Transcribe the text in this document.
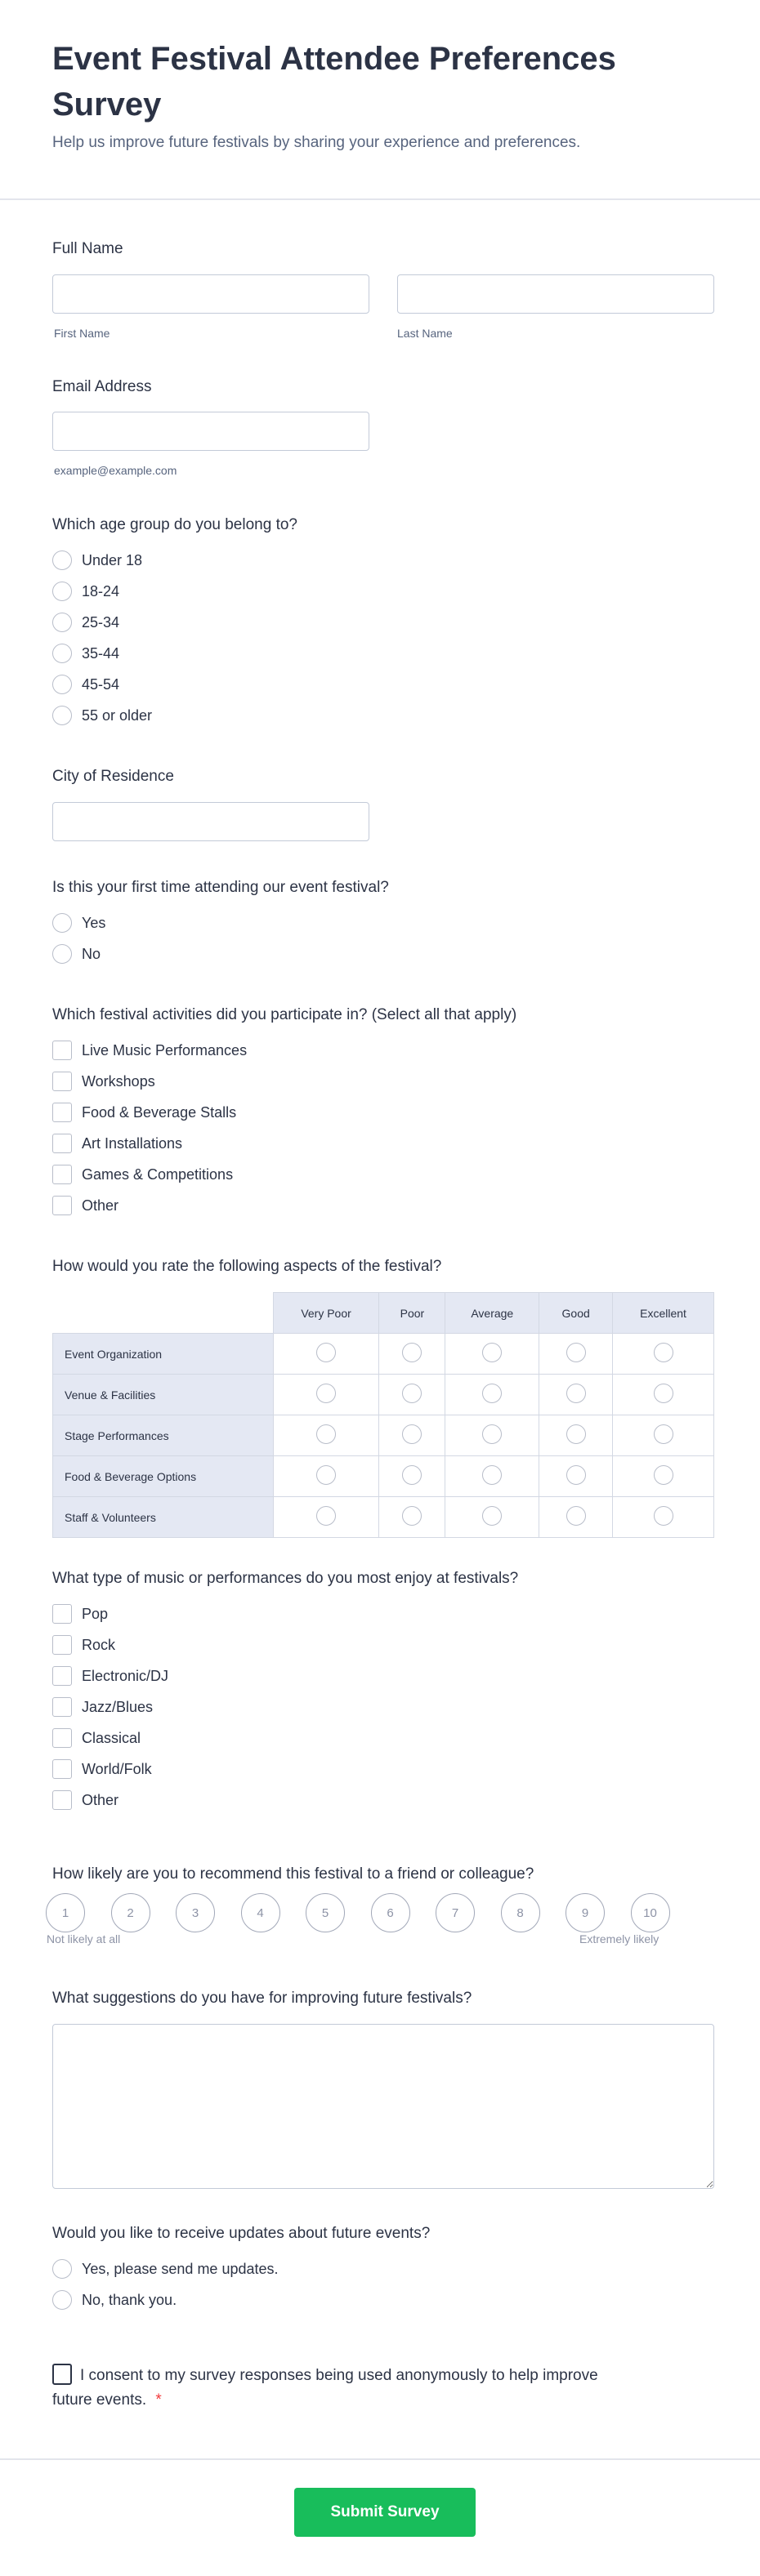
Event Festival Attendee Preferences Survey
Help us improve future festivals by sharing your experience and preferences.
Full Name
First Name	Last Name
Email Address
example@example.com
Which age group do you belong to?
Under 18
18-24
25-34
35-44
45-54
55 or older
City of Residence
Is this your first time attending our event festival?
Yes
No
Which festival activities did you participate in? (Select all that apply)
Live Music Performances
Workshops
Food & Beverage Stalls
Art Installations
Games & Competitions
Other
How would you rate the following aspects of the festival?
	Very Poor	Poor	Average	Good	Excellent
Event Organization					
Venue & Facilities					
Stage Performances					
Food & Beverage Options					
Staff & Volunteers					
What type of music or performances do you most enjoy at festivals?
Pop
Rock
Electronic/DJ
Jazz/Blues
Classical
World/Folk
Other
How likely are you to recommend this festival to a friend or colleague?
1	2	3	4	5	6	7	8	9	10
Not likely at all	Extremely likely
What suggestions do you have for improving future festivals?
Would you like to receive updates about future events?
Yes, please send me updates.
No, thank you.
I consent to my survey responses being used anonymously to help improve future events. *
Submit Survey
